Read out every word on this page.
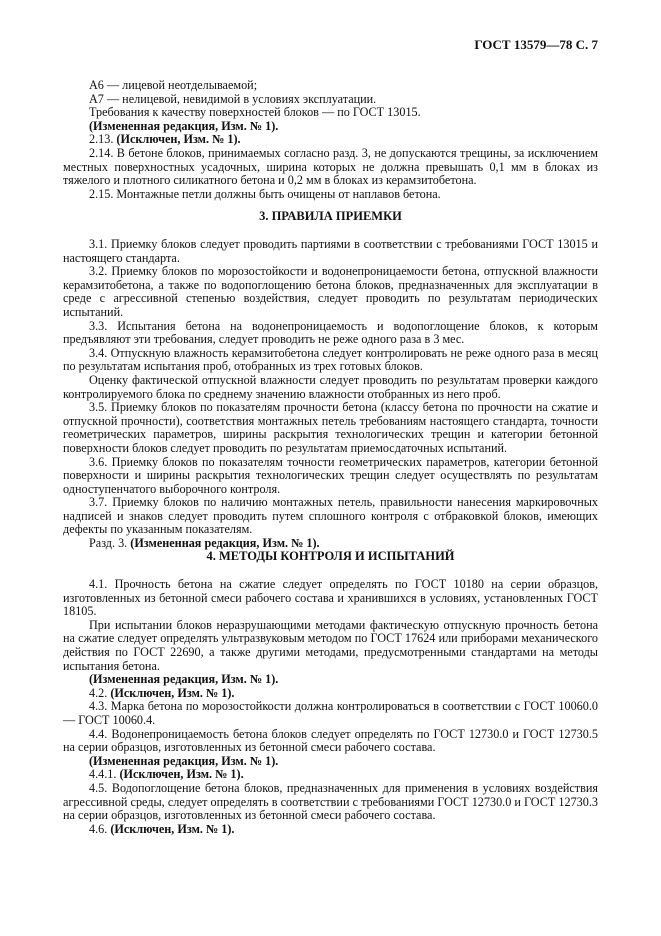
ГОСТ 13579—78 С. 7

А6 — лицевой неотделываемой;

А7 — нелицевой, невидимой в условиях эксплуатации.

Требования к качеству поверхностей блоков — по ГОСТ 13015.

(Измененная редакция, Изм. № 1).

2.13. (Исключен, Изм. № 1).

2.14. В бетоне блоков, принимаемых согласно разд. 3, не допускаются трещины, за исключением местных поверхностных усадочных, ширина которых не должна превышать 0,1 мм в блоках из тяжелого и плотного силикатного бетона и 0,2 мм в блоках из керамзитобетона.

2.15. Монтажные петли должны быть очищены от наплавов бетона.

3. ПРАВИЛА ПРИЕМКИ

3.1. Приемку блоков следует проводить партиями в соответствии с требованиями ГОСТ 13015 и настоящего стандарта.

3.2. Приемку блоков по морозостойкости и водонепроницаемости бетона, отпускной влажности керамзитобетона, а также по водопоглощению бетона блоков, предназначенных для эксплуатации в среде с агрессивной степенью воздействия, следует проводить по результатам периодических испытаний.

3.3. Испытания бетона на водонепроницаемость и водопоглощение блоков, к которым предъявляют эти требования, следует проводить не реже одного раза в 3 мес.

3.4. Отпускную влажность керамзитобетона следует контролировать не реже одного раза в месяц по результатам испытания проб, отобранных из трех готовых блоков.

Оценку фактической отпускной влажности следует проводить по результатам проверки каждого контролируемого блока по среднему значению влажности отобранных из него проб.

3.5. Приемку блоков по показателям прочности бетона (классу бетона по прочности на сжатие и отпускной прочности), соответствия монтажных петель требованиям настоящего стандарта, точности геометрических параметров, ширины раскрытия технологических трещин и категории бетонной поверхности блоков следует проводить по результатам приемосдаточных испытаний.

3.6. Приемку блоков по показателям точности геометрических параметров, категории бетонной поверхности и ширины раскрытия технологических трещин следует осуществлять по результатам одноступенчатого выборочного контроля.

3.7. Приемку блоков по наличию монтажных петель, правильности нанесения маркировочных надписей и знаков следует проводить путем сплошного контроля с отбраковкой блоков, имеющих дефекты по указанным показателям.

Разд. 3. (Измененная редакция, Изм. № 1).

4. МЕТОДЫ КОНТРОЛЯ И ИСПЫТАНИЙ

4.1. Прочность бетона на сжатие следует определять по ГОСТ 10180 на серии образцов, изготовленных из бетонной смеси рабочего состава и хранившихся в условиях, установленных ГОСТ 18105.

При испытании блоков неразрушающими методами фактическую отпускную прочность бетона на сжатие следует определять ультразвуковым методом по ГОСТ 17624 или приборами механического действия по ГОСТ 22690, а также другими методами, предусмотренными стандартами на методы испытания бетона.

(Измененная редакция, Изм. № 1).

4.2. (Исключен, Изм. № 1).

4.3. Марка бетона по морозостойкости должна контролироваться в соответствии с ГОСТ 10060.0 — ГОСТ 10060.4.

4.4. Водонепроницаемость бетона блоков следует определять по ГОСТ 12730.0 и ГОСТ 12730.5 на серии образцов, изготовленных из бетонной смеси рабочего состава.

(Измененная редакция, Изм. № 1).

4.4.1. (Исключен, Изм. № 1).

4.5. Водопоглощение бетона блоков, предназначенных для применения в условиях воздействия агрессивной среды, следует определять в соответствии с требованиями ГОСТ 12730.0 и ГОСТ 12730.3 на серии образцов, изготовленных из бетонной смеси рабочего состава.

4.6. (Исключен, Изм. № 1).
